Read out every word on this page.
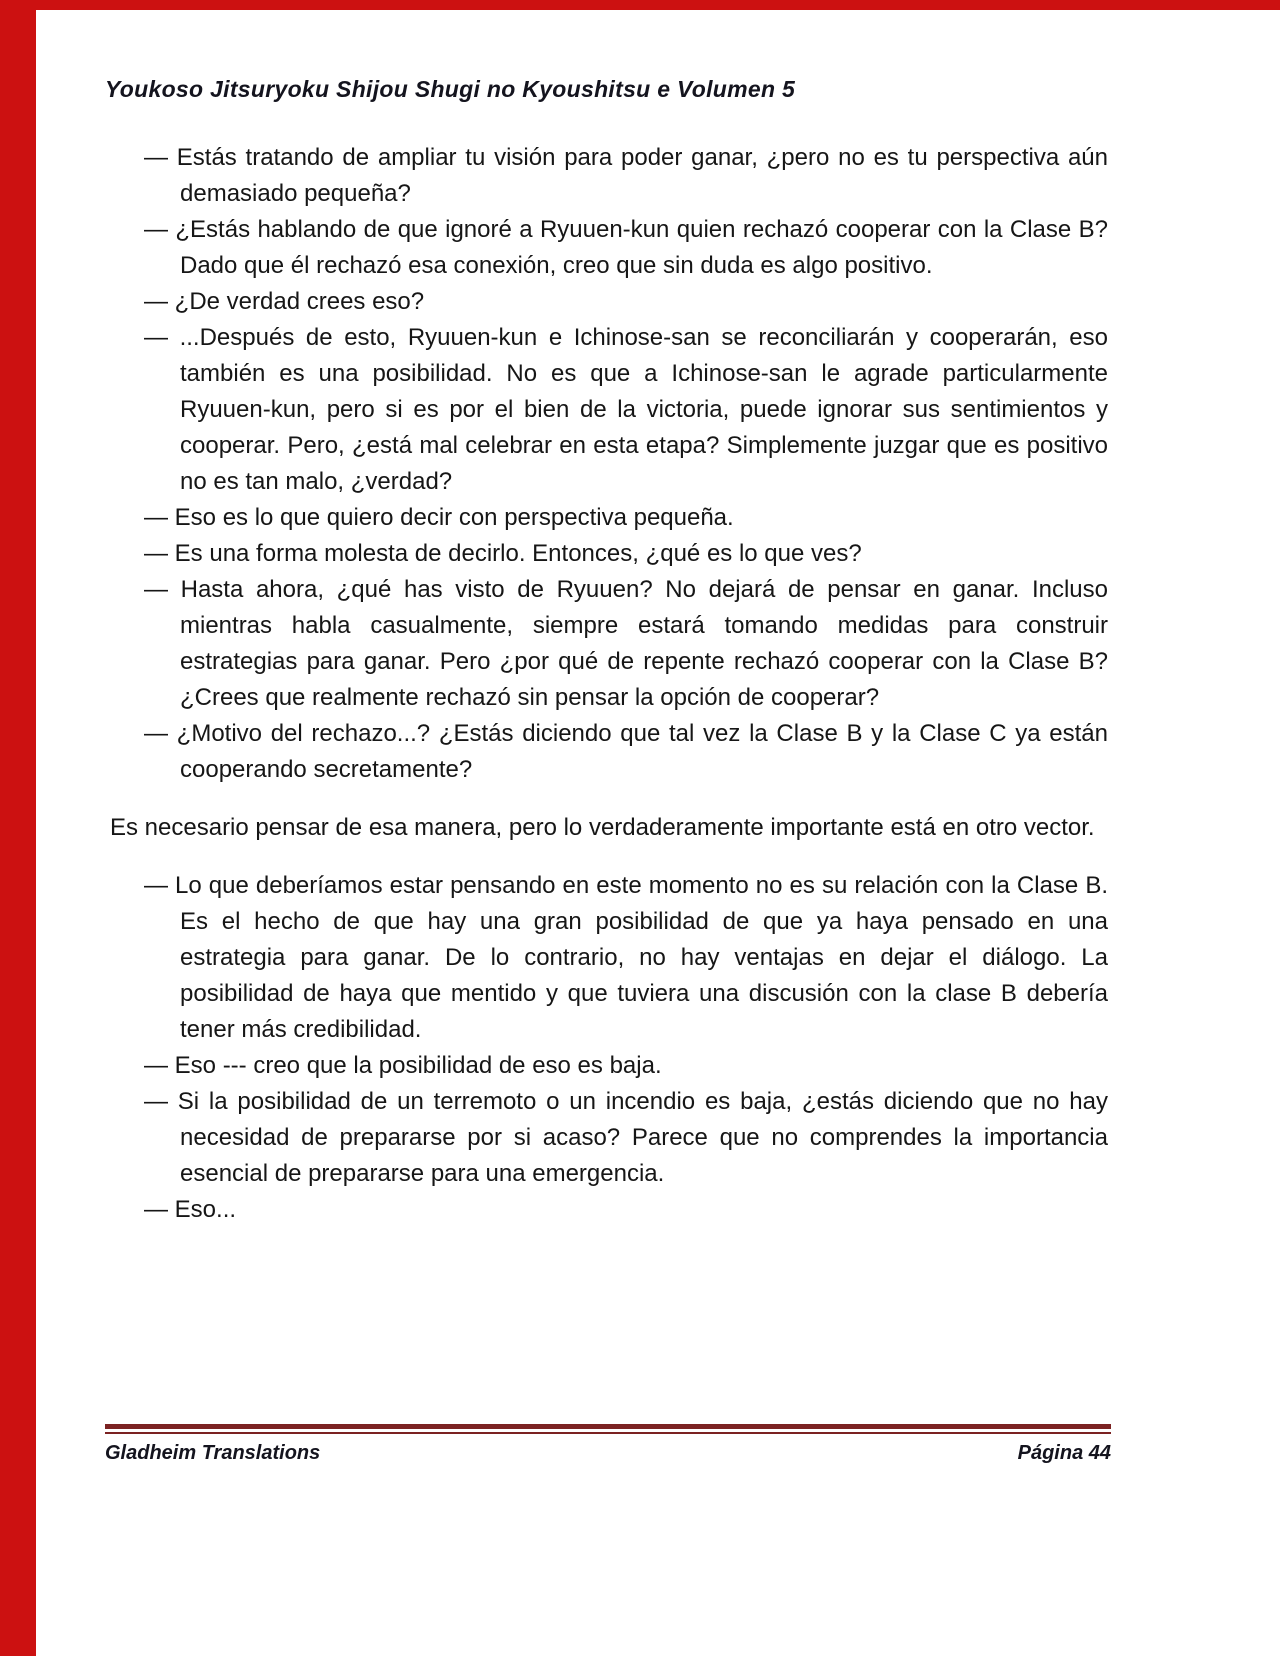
Youkoso Jitsuryoku Shijou Shugi no Kyoushitsu e Volumen 5
— Estás tratando de ampliar tu visión para poder ganar, ¿pero no es tu perspectiva aún demasiado pequeña?
— ¿Estás hablando de que ignoré a Ryuuen-kun quien rechazó cooperar con la Clase B? Dado que él rechazó esa conexión, creo que sin duda es algo positivo.
— ¿De verdad crees eso?
— ...Después de esto, Ryuuen-kun e Ichinose-san se reconciliarán y cooperarán, eso también es una posibilidad. No es que a Ichinose-san le agrade particularmente Ryuuen-kun, pero si es por el bien de la victoria, puede ignorar sus sentimientos y cooperar. Pero, ¿está mal celebrar en esta etapa? Simplemente juzgar que es positivo no es tan malo, ¿verdad?
— Eso es lo que quiero decir con perspectiva pequeña.
— Es una forma molesta de decirlo. Entonces, ¿qué es lo que ves?
— Hasta ahora, ¿qué has visto de Ryuuen? No dejará de pensar en ganar. Incluso mientras habla casualmente, siempre estará tomando medidas para construir estrategias para ganar. Pero ¿por qué de repente rechazó cooperar con la Clase B? ¿Crees que realmente rechazó sin pensar la opción de cooperar?
— ¿Motivo del rechazo...? ¿Estás diciendo que tal vez la Clase B y la Clase C ya están cooperando secretamente?
Es necesario pensar de esa manera, pero lo verdaderamente importante está en otro vector.
— Lo que deberíamos estar pensando en este momento no es su relación con la Clase B. Es el hecho de que hay una gran posibilidad de que ya haya pensado en una estrategia para ganar. De lo contrario, no hay ventajas en dejar el diálogo. La posibilidad de haya que mentido y que tuviera una discusión con la clase B debería tener más credibilidad.
— Eso --- creo que la posibilidad de eso es baja.
— Si la posibilidad de un terremoto o un incendio es baja, ¿estás diciendo que no hay necesidad de prepararse por si acaso? Parece que no comprendes la importancia esencial de prepararse para una emergencia.
— Eso...
Gladheim Translations	Página 44
